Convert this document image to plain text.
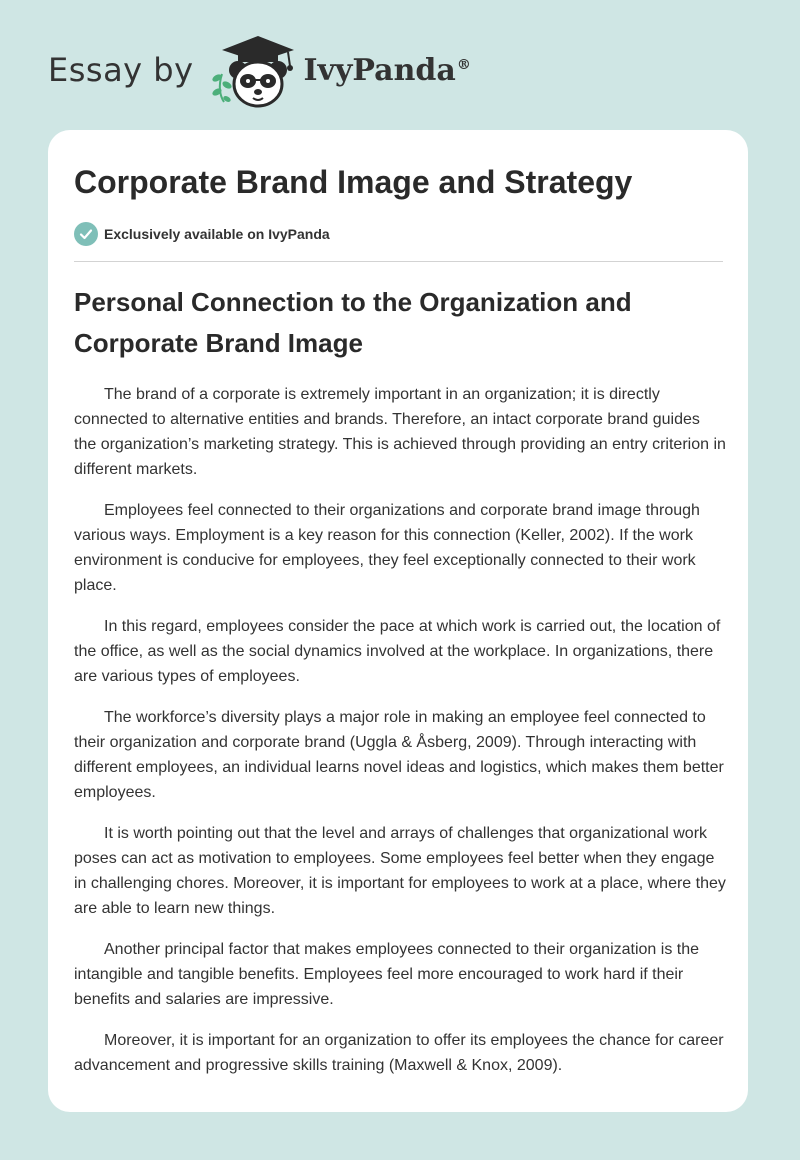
Essay by	IvyPanda®
Corporate Brand Image and Strategy
Exclusively available on IvyPanda
Personal Connection to the Organization and Corporate Brand Image

The brand of a corporate is extremely important in an organization; it is directly connected to alternative entities and brands. Therefore, an intact corporate brand guides the organization’s marketing strategy. This is achieved through providing an entry criterion in different markets.

Employees feel connected to their organizations and corporate brand image through various ways. Employment is a key reason for this connection (Keller, 2002). If the work environment is conducive for employees, they feel exceptionally connected to their work place.

In this regard, employees consider the pace at which work is carried out, the location of the office, as well as the social dynamics involved at the workplace. In organizations, there are various types of employees.

The workforce’s diversity plays a major role in making an employee feel connected to their organization and corporate brand (Uggla & Åsberg, 2009). Through interacting with different employees, an individual learns novel ideas and logistics, which makes them better employees.

It is worth pointing out that the level and arrays of challenges that organizational work poses can act as motivation to employees. Some employees feel better when they engage in challenging chores. Moreover, it is important for employees to work at a place, where they are able to learn new things.

Another principal factor that makes employees connected to their organization is the intangible and tangible benefits. Employees feel more encouraged to work hard if their benefits and salaries are impressive.

Moreover, it is important for an organization to offer its employees the chance for career advancement and progressive skills training (Maxwell & Knox, 2009).
